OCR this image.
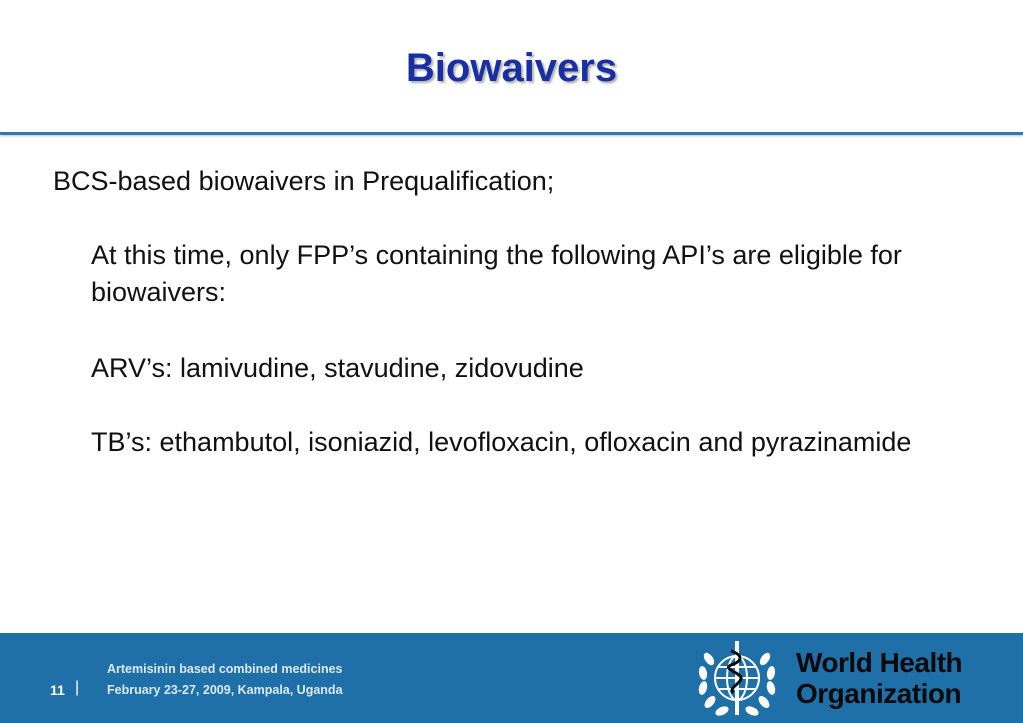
Biowaivers

BCS-based biowaivers in Prequalification;

At this time, only FPP’s containing the following API’s are eligible for biowaivers:

ARV’s: lamivudine, stavudine, zidovudine

TB’s: ethambutol, isoniazid, levofloxacin, ofloxacin and pyrazinamide

11 |
Artemisinin based combined medicines
February 23-27, 2009, Kampala, Uganda
World Health
Organization
